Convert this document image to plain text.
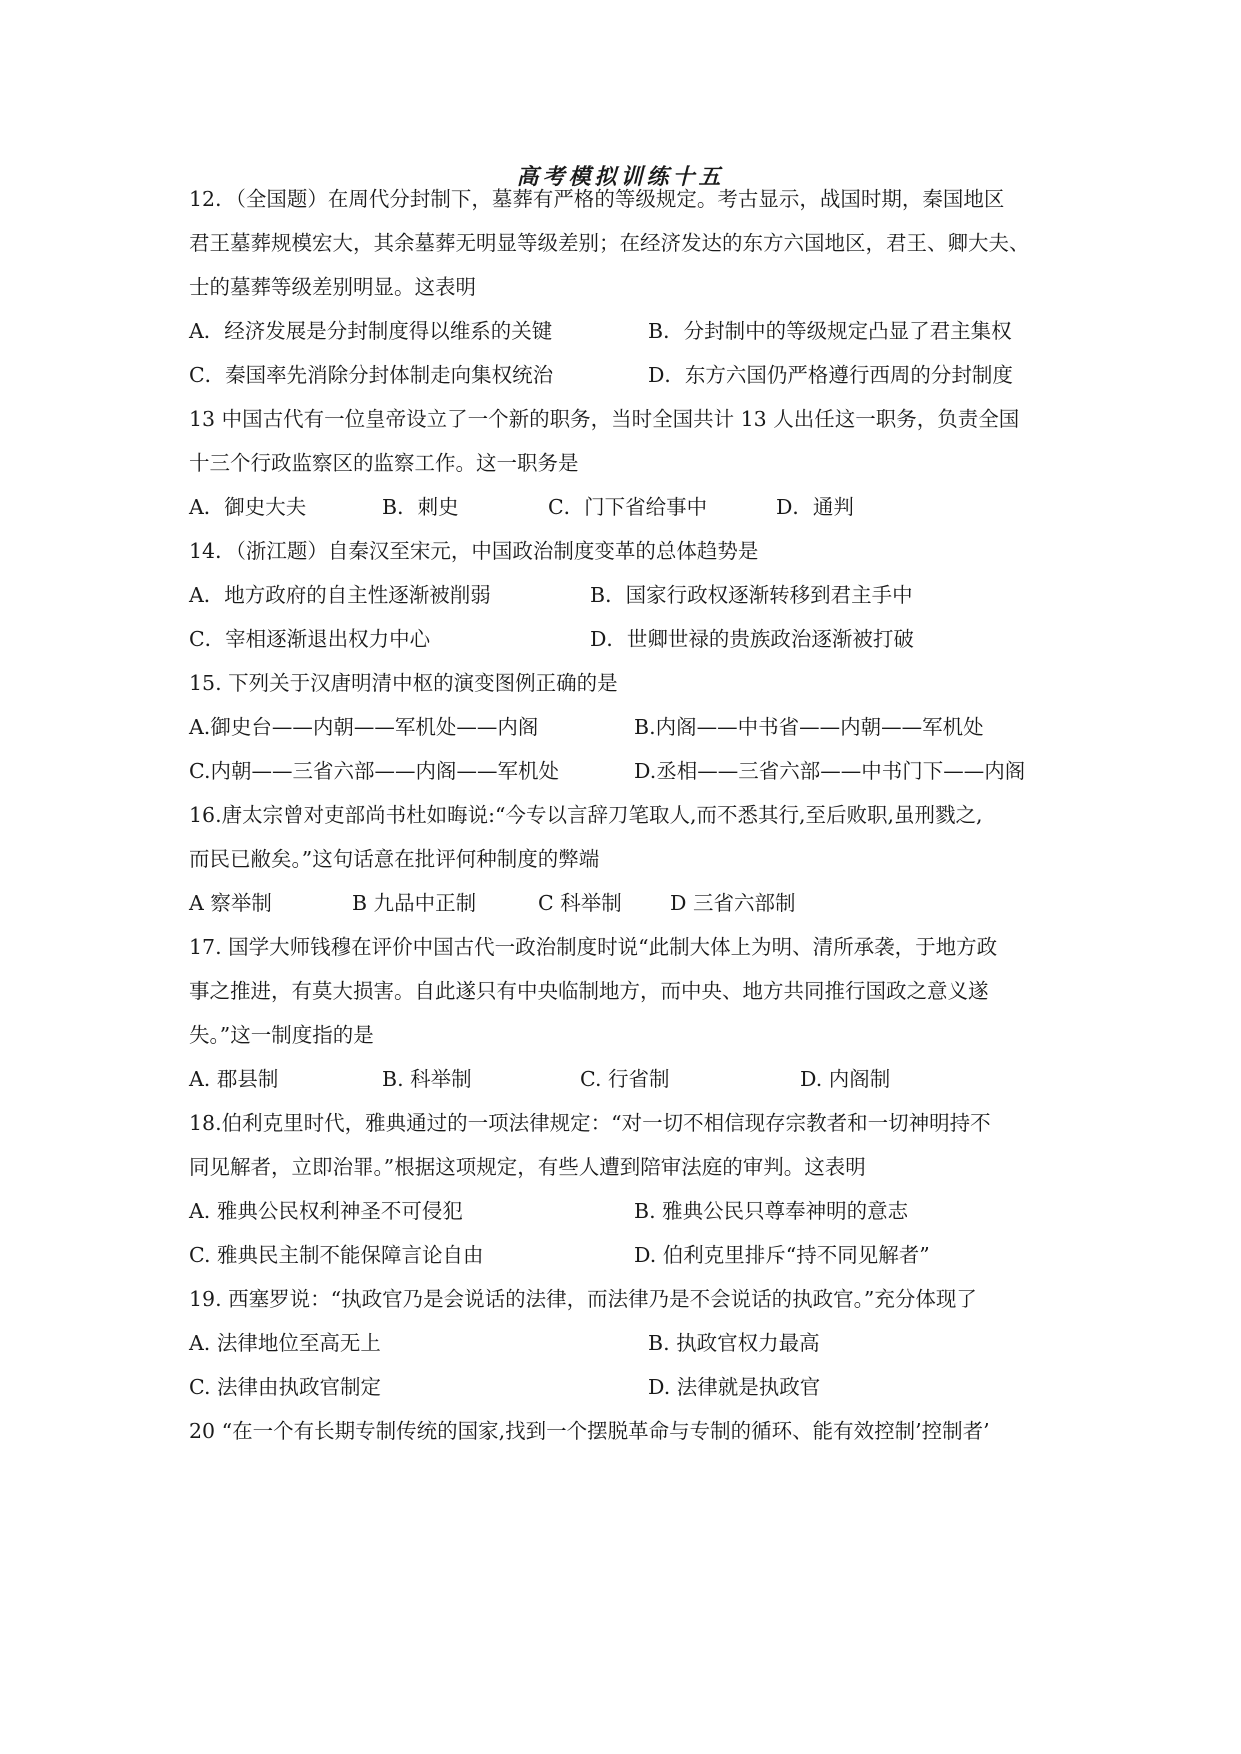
高考模拟训练十五
12．（全国题）在周代分封制下，墓葬有严格的等级规定。考古显示，战国时期，秦国地区
君王墓葬规模宏大，其余墓葬无明显等级差别；在经济发达的东方六国地区，君王、卿大夫、
士的墓葬等级差别明显。这表明
A．经济发展是分封制度得以维系的关键	B．分封制中的等级规定凸显了君主集权
C．秦国率先消除分封体制走向集权统治	D．东方六国仍严格遵行西周的分封制度
13 中国古代有一位皇帝设立了一个新的职务，当时全国共计 13 人出任这一职务，负责全国
十三个行政监察区的监察工作。这一职务是
A．御史大夫	B．刺史	C．门下省给事中	D．通判
14．（浙江题）自秦汉至宋元，中国政治制度变革的总体趋势是
A．地方政府的自主性逐渐被削弱	B．国家行政权逐渐转移到君主手中
C．宰相逐渐退出权力中心	D．世卿世禄的贵族政治逐渐被打破
15. 下列关于汉唐明清中枢的演变图例正确的是
A.御史台——内朝——军机处——内阁	B.内阁——中书省——内朝——军机处
C.内朝——三省六部——内阁——军机处	D.丞相——三省六部——中书门下——内阁
16.唐太宗曾对吏部尚书杜如晦说:“今专以言辞刀笔取人,而不悉其行,至后败职,虽刑戮之,
而民已敝矣。”这句话意在批评何种制度的弊端
A 察举制	B 九品中正制	C 科举制 D 三省六部制
17. 国学大师钱穆在评价中国古代一政治制度时说“此制大体上为明、清所承袭，于地方政
事之推进，有莫大损害。自此遂只有中央临制地方，而中央、地方共同推行国政之意义遂
失。”这一制度指的是
A. 郡县制	B. 科举制	C. 行省制	D. 内阁制
18.伯利克里时代，雅典通过的一项法律规定：“对一切不相信现存宗教者和一切神明持不
同见解者，立即治罪。”根据这项规定，有些人遭到陪审法庭的审判。这表明
A. 雅典公民权利神圣不可侵犯	B. 雅典公民只尊奉神明的意志
C. 雅典民主制不能保障言论自由	D. 伯利克里排斥“持不同见解者”
19. 西塞罗说：“执政官乃是会说话的法律，而法律乃是不会说话的执政官。”充分体现了
A. 法律地位至高无上	B. 执政官权力最高
C. 法律由执政官制定	D. 法律就是执政官
20 “在一个有长期专制传统的国家,找到一个摆脱革命与专制的循环、能有效控制’控制者’
